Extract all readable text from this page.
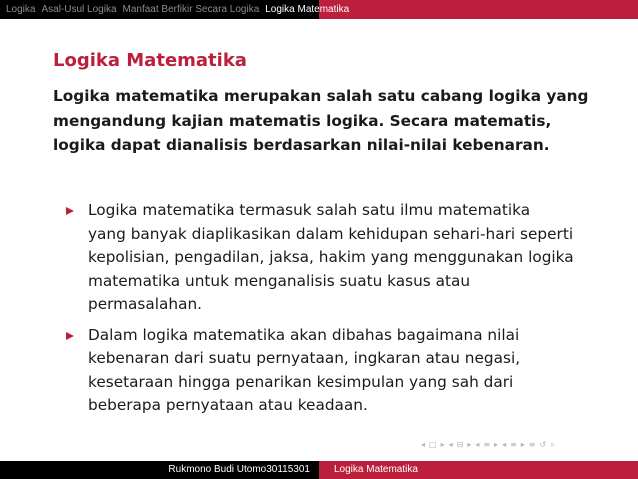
Logika Asal-Usul Logika Manfaat Berfikir Secara Logika Logika Matematika
Logika Matematika

Logika matematika merupakan salah satu cabang logika yang
mengandung kajian matematis logika. Secara matematis,
logika dapat dianalisis berdasarkan nilai-nilai kebenaran.

Logika matematika termasuk salah satu ilmu matematika
yang banyak diaplikasikan dalam kehidupan sehari-hari seperti
kepolisian, pengadilan, jaksa, hakim yang menggunakan logika
matematika untuk menganalisis suatu kasus atau
permasalahan.
Dalam logika matematika akan dibahas bagaimana nilai
kebenaran dari suatu pernyataan, ingkaran atau negasi,
kesetaraan hingga penarikan kesimpulan yang sah dari
beberapa pernyataan atau keadaan.
◂ □ ▸ ◂ ⊟ ▸ ◂ ≡ ▸ ◂ ≡ ▸ ≡ ↺ ⌕
Rukmono Budi Utomo30115301	Logika Matematika
